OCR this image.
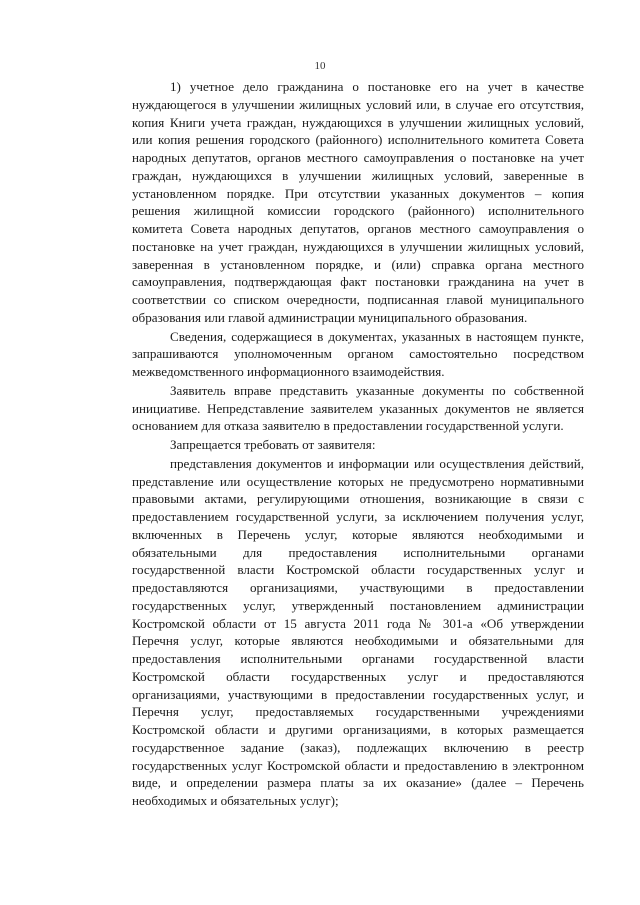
10

1) учетное дело гражданина о постановке его на учет в качестве нуждающегося в улучшении жилищных условий или, в случае его отсутствия, копия Книги учета граждан, нуждающихся в улучшении жилищных условий, или копия решения городского (районного) исполнительного комитета Совета народных депутатов, органов местного самоуправления о постановке на учет граждан, нуждающихся в улучшении жилищных условий, заверенные в установленном порядке. При отсутствии указанных документов – копия решения жилищной комиссии городского (районного) исполнительного комитета Совета народных депутатов, органов местного самоуправления о постановке на учет граждан, нуждающихся в улучшении жилищных условий, заверенная в установленном порядке, и (или) справка органа местного самоуправления, подтверждающая факт постановки гражданина на учет в соответствии со списком очередности, подписанная главой муниципального образования или главой администрации муниципального образования.

Сведения, содержащиеся в документах, указанных в настоящем пункте, запрашиваются уполномоченным органом самостоятельно посредством межведомственного информационного взаимодействия.

Заявитель вправе представить указанные документы по собственной инициативе. Непредставление заявителем указанных документов не является основанием для отказа заявителю в предоставлении государственной услуги.

Запрещается требовать от заявителя:

представления документов и информации или осуществления действий, представление или осуществление которых не предусмотрено нормативными правовыми актами, регулирующими отношения, возникающие в связи с предоставлением государственной услуги, за исключением получения услуг, включенных в Перечень услуг, которые являются необходимыми и обязательными для предоставления исполнительными органами государственной власти Костромской области государственных услуг и предоставляются организациями, участвующими в предоставлении государственных услуг, утвержденный постановлением администрации Костромской области от 15 августа 2011 года № 301-а «Об утверждении Перечня услуг, которые являются необходимыми и обязательными для предоставления исполнительными органами государственной власти Костромской области государственных услуг и предоставляются организациями, участвующими в предоставлении государственных услуг, и Перечня услуг, предоставляемых государственными учреждениями Костромской области и другими организациями, в которых размещается государственное задание (заказ), подлежащих включению в реестр государственных услуг Костромской области и предоставлению в электронном виде, и определении размера платы за их оказание» (далее – Перечень необходимых и обязательных услуг);
